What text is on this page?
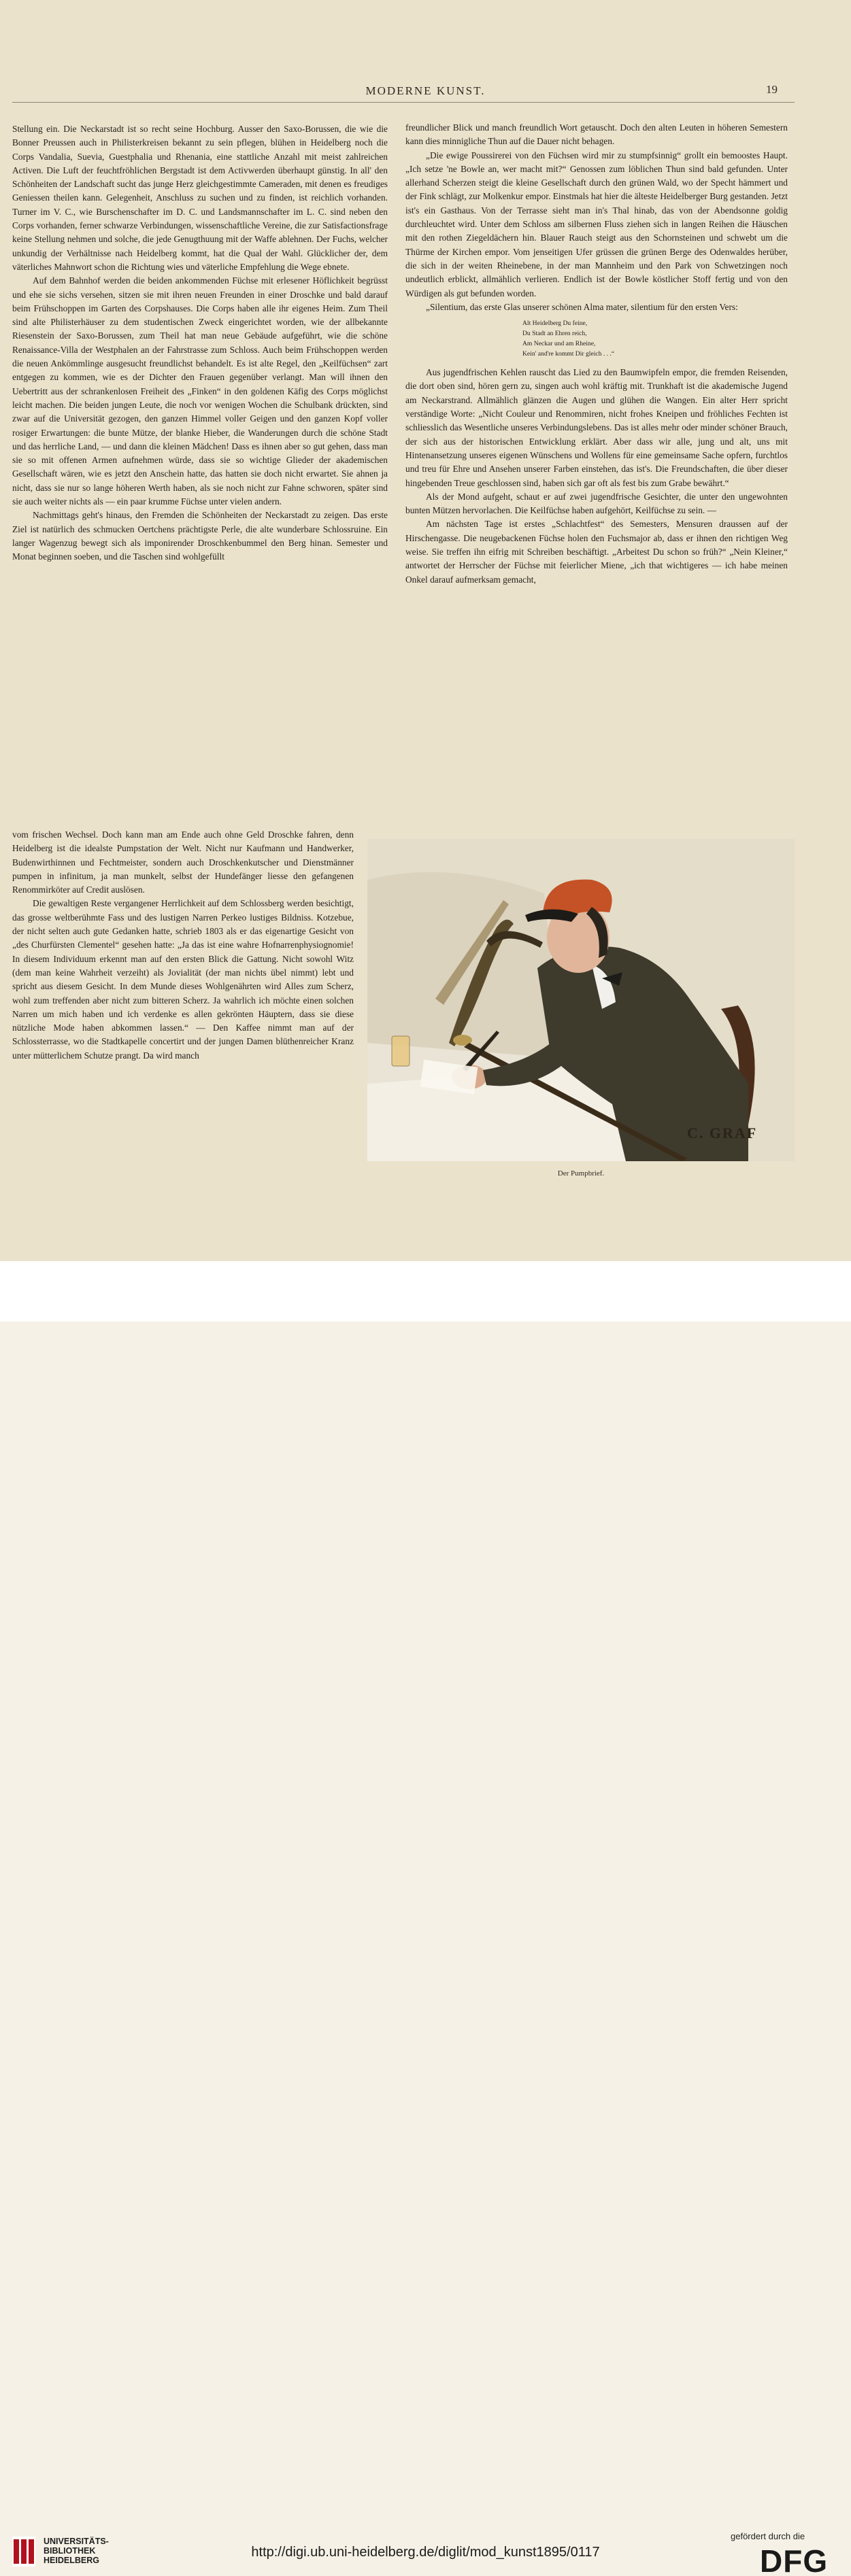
MODERNE KUNST.	19

Stellung ein. Die Neckarstadt ist so recht seine Hochburg. Ausser den Saxo-Borussen, die wie die Bonner Preussen auch in Philisterkreisen bekannt zu sein pflegen, blühen in Heidelberg noch die Corps Vandalia, Suevia, Guestphalia und Rhenania, eine stattliche Anzahl mit meist zahlreichen Activen. Die Luft der feuchtfröhlichen Bergstadt ist dem Activwerden überhaupt günstig. In all' den Schönheiten der Landschaft sucht das junge Herz gleichgestimmte Cameraden, mit denen es freudiges Geniessen theilen kann. Gelegenheit, Anschluss zu suchen und zu finden, ist reichlich vorhanden. Turner im V. C., wie Burschenschafter im D. C. und Landsmannschafter im L. C. sind neben den Corps vorhanden, ferner schwarze Verbindungen, wissenschaftliche Vereine, die zur Satisfactionsfrage keine Stellung nehmen und solche, die jede Genugthuung mit der Waffe ablehnen. Der Fuchs, welcher unkundig der Verhältnisse nach Heidelberg kommt, hat die Qual der Wahl. Glücklicher der, dem väterliches Mahnwort schon die Richtung wies und väterliche Empfehlung die Wege ebnete.

Auf dem Bahnhof werden die beiden ankommenden Füchse mit erlesener Höflichkeit begrüsst und ehe sie sichs versehen, sitzen sie mit ihren neuen Freunden in einer Droschke und bald darauf beim Frühschoppen im Garten des Corpshauses. Die Corps haben alle ihr eigenes Heim. Zum Theil sind alte Philisterhäuser zu dem studentischen Zweck eingerichtet worden, wie der allbekannte Riesenstein der Saxo-Borussen, zum Theil hat man neue Gebäude aufgeführt, wie die schöne Renaissance-Villa der Westphalen an der Fahrstrasse zum Schloss. Auch beim Frühschoppen werden die neuen Ankömmlinge ausgesucht freundlichst behandelt. Es ist alte Regel, den „Keilfüchsen“ zart entgegen zu kommen, wie es der Dichter den Frauen gegenüber verlangt. Man will ihnen den Uebertritt aus der schrankenlosen Freiheit des „Finken“ in den goldenen Käfig des Corps möglichst leicht machen. Die beiden jungen Leute, die noch vor wenigen Wochen die Schulbank drückten, sind zwar auf die Universität gezogen, den ganzen Himmel voller Geigen und den ganzen Kopf voller rosiger Erwartungen: die bunte Mütze, der blanke Hieber, die Wanderungen durch die schöne Stadt und das herrliche Land, — und dann die kleinen Mädchen! Dass es ihnen aber so gut gehen, dass man sie so mit offenen Armen aufnehmen würde, dass sie so wichtige Glieder der akademischen Gesellschaft wären, wie es jetzt den Anschein hatte, das hatten sie doch nicht erwartet. Sie ahnen ja nicht, dass sie nur so lange höheren Werth haben, als sie noch nicht zur Fahne schworen, später sind sie auch weiter nichts als — ein paar krumme Füchse unter vielen andern.

Nachmittags geht's hinaus, den Fremden die Schönheiten der Neckarstadt zu zeigen. Das erste Ziel ist natürlich des schmucken Oertchens prächtigste Perle, die alte wunderbare Schlossruine. Ein langer Wagenzug bewegt sich als imponirender Droschkenbummel den Berg hinan. Semester und Monat beginnen soeben, und die Taschen sind wohlgefüllt

vom frischen Wechsel. Doch kann man am Ende auch ohne Geld Droschke fahren, denn Heidelberg ist die idealste Pumpstation der Welt. Nicht nur Kaufmann und Handwerker, Budenwirthinnen und Fechtmeister, sondern auch Droschkenkutscher und Dienstmänner pumpen in infinitum, ja man munkelt, selbst der Hundefänger liesse den gefangenen Renommirköter auf Credit auslösen.

Die gewaltigen Reste vergangener Herrlichkeit auf dem Schlossberg werden besichtigt, das grosse weltberühmte Fass und des lustigen Narren Perkeo lustiges Bildniss. Kotzebue, der nicht selten auch gute Gedanken hatte, schrieb 1803 als er das eigenartige Gesicht von „des Churfürsten Clementel“ gesehen hatte: „Ja das ist eine wahre Hofnarrenphysiognomie! In diesem Individuum erkennt man auf den ersten Blick die Gattung. Nicht sowohl Witz (dem man keine Wahrheit verzeiht) als Jovialität (der man nichts übel nimmt) lebt und spricht aus diesem Gesicht. In dem Munde dieses Wohlgenährten wird Alles zum Scherz, wohl zum treffenden aber nicht zum bitteren Scherz. Ja wahrlich ich möchte einen solchen Narren um mich haben und ich verdenke es allen gekrönten Häuptern, dass sie diese nützliche Mode haben abkommen lassen.“ — Den Kaffee nimmt man auf der Schlossterrasse, wo die Stadtkapelle concertirt und der jungen Damen blüthenreicher Kranz unter mütterlichem Schutze prangt. Da wird manch

freundlicher Blick und manch freundlich Wort getauscht. Doch den alten Leuten in höheren Semestern kann dies minnigliche Thun auf die Dauer nicht behagen.

„Die ewige Poussirerei von den Füchsen wird mir zu stumpfsinnig“ grollt ein bemoostes Haupt. „Ich setze 'ne Bowle an, wer macht mit?“ Genossen zum löblichen Thun sind bald gefunden. Unter allerhand Scherzen steigt die kleine Gesellschaft durch den grünen Wald, wo der Specht hämmert und der Fink schlägt, zur Molkenkur empor. Einstmals hat hier die älteste Heidelberger Burg gestanden. Jetzt ist's ein Gasthaus. Von der Terrasse sieht man in's Thal hinab, das von der Abendsonne goldig durchleuchtet wird. Unter dem Schloss am silbernen Fluss ziehen sich in langen Reihen die Häuschen mit den rothen Ziegeldächern hin. Blauer Rauch steigt aus den Schornsteinen und schwebt um die Thürme der Kirchen empor. Vom jenseitigen Ufer grüssen die grünen Berge des Odenwaldes herüber, die sich in der weiten Rheinebene, in der man Mannheim und den Park von Schwetzingen noch undeutlich erblickt, allmählich verlieren. Endlich ist der Bowle köstlicher Stoff fertig und von den Würdigen als gut befunden worden.

„Silentium, das erste Glas unserer schönen Alma mater, silentium für den ersten Vers:

Alt Heidelberg Du feine,
Du Stadt an Ehren reich,
Am Neckar und am Rheine,
Kein' and're kommt Dir gleich . . .“

Aus jugendfrischen Kehlen rauscht das Lied zu den Baumwipfeln empor, die fremden Reisenden, die dort oben sind, hören gern zu, singen auch wohl kräftig mit. Trunkhaft ist die akademische Jugend am Neckarstrand. Allmählich glänzen die Augen und glühen die Wangen. Ein alter Herr spricht verständige Worte: „Nicht Couleur und Renommiren, nicht frohes Kneipen und fröhliches Fechten ist schliesslich das Wesentliche unseres Verbindungslebens. Das ist alles mehr oder minder schöner Brauch, der sich aus der historischen Entwicklung erklärt. Aber dass wir alle, jung und alt, uns mit Hintenansetzung unseres eigenen Wünschens und Wollens für eine gemeinsame Sache opfern, furchtlos und treu für Ehre und Ansehen unserer Farben einstehen, das ist's. Die Freundschaften, die über dieser hingebenden Treue geschlossen sind, haben sich gar oft als fest bis zum Grabe bewährt.“

Als der Mond aufgeht, schaut er auf zwei jugendfrische Gesichter, die unter den ungewohnten bunten Mützen hervorlachen. Die Keilfüchse haben aufgehört, Keilfüchse zu sein. —

Am nächsten Tage ist erstes „Schlachtfest“ des Semesters, Mensuren draussen auf der Hirschengasse. Die neugebackenen Füchse holen den Fuchsmajor ab, dass er ihnen den richtigen Weg weise. Sie treffen ihn eifrig mit Schreiben beschäftigt. „Arbeitest Du schon so früh?“ „Nein Kleiner,“ antwortet der Herrscher der Füchse mit feierlicher Miene, „ich that wichtigeres — ich habe meinen Onkel darauf aufmerksam gemacht,

C. GRAF
Der Pumpbrief.
UNIVERSITÄTS-
BIBLIOTHEK
HEIDELBERG
http://digi.ub.uni-heidelberg.de/diglit/mod_kunst1895/0117
gefördert durch die
DFG
